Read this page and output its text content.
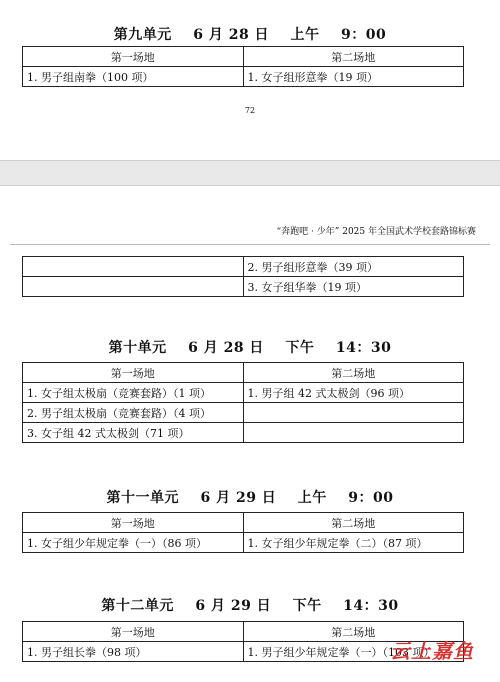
第九单元    6 月 28 日    上午    9：00
第一场地	第二场地
1. 男子组南拳（100 项）	1. 女子组形意拳（19 项）
72
“奔跑吧 · 少年” 2025 年全国武术学校套路锦标赛
	2. 男子组形意拳（39 项）
	3. 女子组华拳（19 项）
第十单元    6 月 28 日    下午    14：30
第一场地	第二场地
1. 女子组太极扇（竞赛套路）（1 项）	1. 男子组 42 式太极剑（96 项）
2. 男子组太极扇（竞赛套路）（4 项）	
3. 女子组 42 式太极剑（71 项）	
第十一单元    6 月 29 日    上午    9：00
第一场地	第二场地
1. 女子组少年规定拳（一）（86 项）	1. 女子组少年规定拳（二）（87 项）
第十二单元    6 月 29 日    下午    14：30
第一场地	第二场地
1. 男子组长拳（98 项）	1. 男子组少年规定拳（一）（103 项）
云上嘉鱼
